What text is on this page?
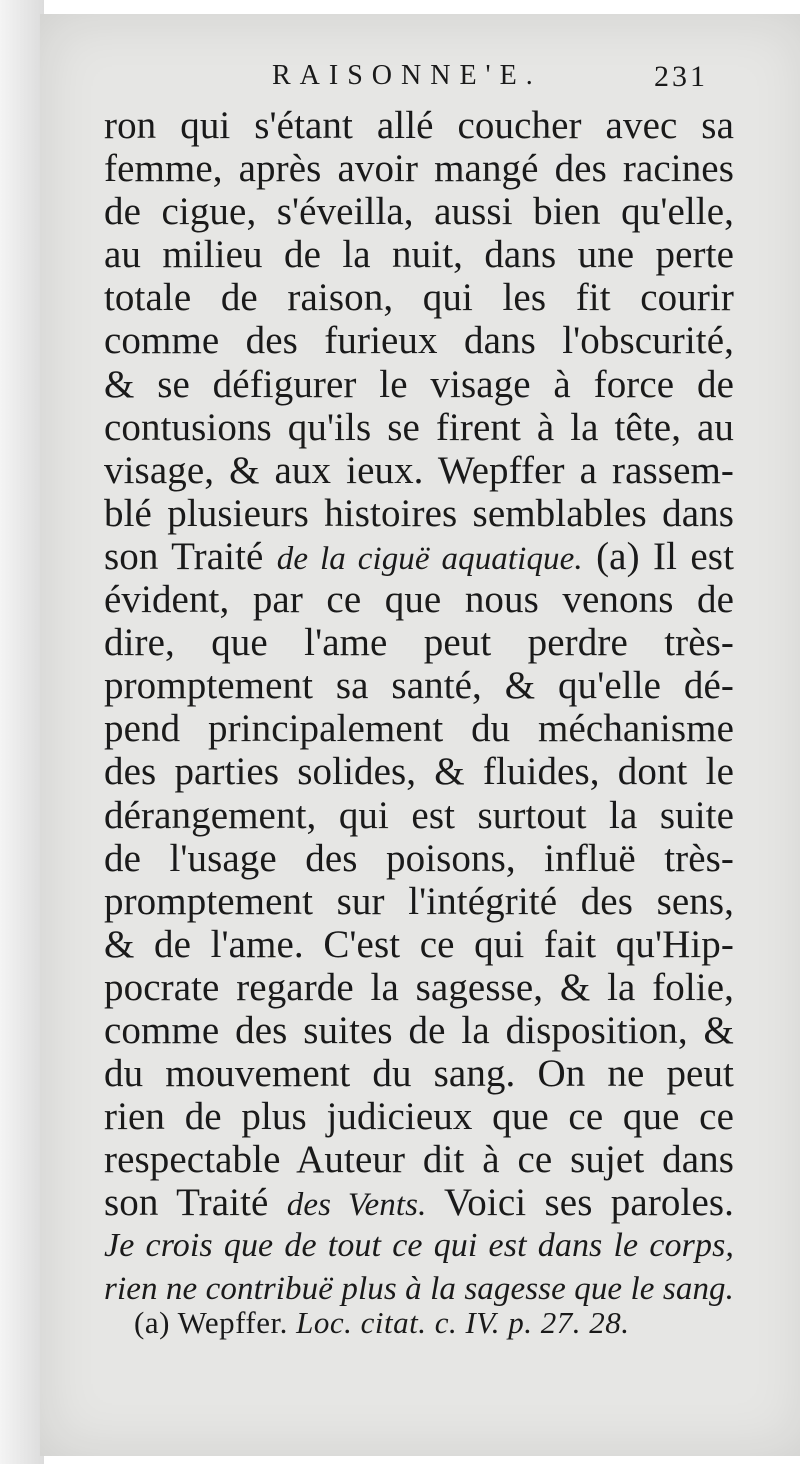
RAISONNE'E.	231
ron qui s'étant allé coucher avec sa
femme, après avoir mangé des racines
de cigue, s'éveilla, aussi bien qu'elle,
au milieu de la nuit, dans une perte
totale de raison, qui les fit courir
comme des furieux dans l'obscurité,
& se défigurer le visage à force de
contusions qu'ils se firent à la tête, au
visage, & aux ieux. Wepffer a rassem-
blé plusieurs histoires semblables dans
son Traité de la ciguë aquatique. (a) Il est
évident, par ce que nous venons de
dire, que l'ame peut perdre très-
promptement sa santé, & qu'elle dé-
pend principalement du méchanisme
des parties solides, & fluides, dont le
dérangement, qui est surtout la suite
de l'usage des poisons, influë très-
promptement sur l'intégrité des sens,
& de l'ame. C'est ce qui fait qu'Hip-
pocrate regarde la sagesse, & la folie,
comme des suites de la disposition, &
du mouvement du sang. On ne peut
rien de plus judicieux que ce que ce
respectable Auteur dit à ce sujet dans
son Traité des Vents. Voici ses paroles.
Je crois que de tout ce qui est dans le corps,
rien ne contribuë plus à la sagesse que le sang.
(a) Wepffer. Loc. citat. c. IV. p. 27. 28.
